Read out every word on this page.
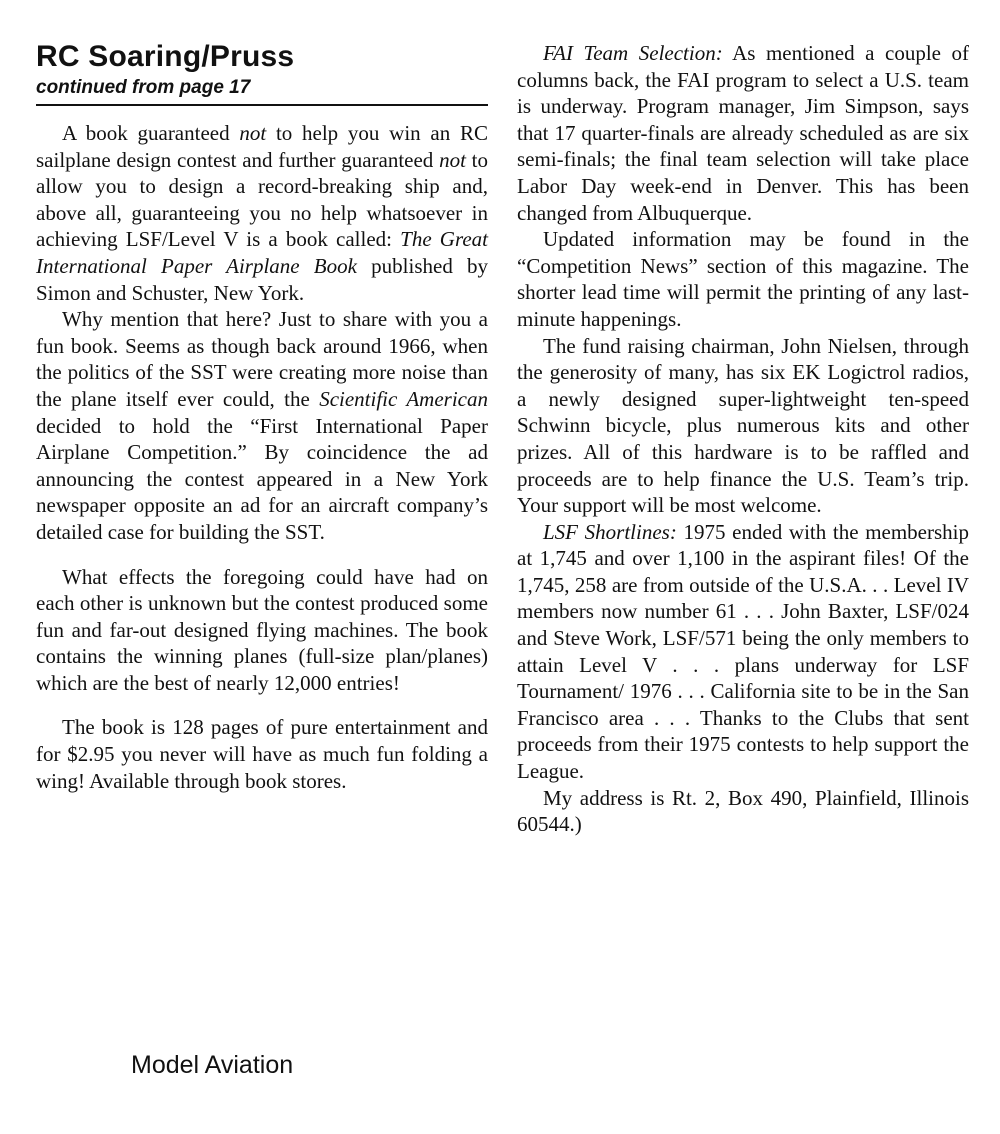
RC Soaring/Pruss
continued from page 17

A book guaranteed not to help you win an RC sailplane design contest and further guaranteed not to allow you to design a record-breaking ship and, above all, guaranteeing you no help whatsoever in achieving LSF/Level V is a book called: The Great International Paper Airplane Book published by Simon and Schuster, New York.

Why mention that here? Just to share with you a fun book. Seems as though back around 1966, when the politics of the SST were creating more noise than the plane itself ever could, the Scientific American decided to hold the “First International Paper Airplane Competition.” By coincidence the ad announcing the contest appeared in a New York newspaper opposite an ad for an aircraft company’s detailed case for building the SST.

What effects the foregoing could have had on each other is unknown but the contest produced some fun and far-out designed flying machines. The book contains the winning planes (full-size plan/planes) which are the best of nearly 12,000 entries!

The book is 128 pages of pure entertainment and for $2.95 you never will have as much fun folding a wing! Available through book stores.

Model Aviation

FAI Team Selection: As mentioned a couple of columns back, the FAI program to select a U.S. team is underway. Program manager, Jim Simpson, says that 17 quarter-finals are already scheduled as are six semi-finals; the final team selection will take place Labor Day week-end in Denver. This has been changed from Albuquerque.

Updated information may be found in the “Competition News” section of this magazine. The shorter lead time will permit the printing of any last-minute happenings.

The fund raising chairman, John Nielsen, through the generosity of many, has six EK Logictrol radios, a newly designed super-lightweight ten-speed Schwinn bicycle, plus numerous kits and other prizes. All of this hardware is to be raffled and proceeds are to help finance the U.S. Team’s trip. Your support will be most welcome.

LSF Shortlines: 1975 ended with the membership at 1,745 and over 1,100 in the aspirant files! Of the 1,745, 258 are from outside of the U.S.A. . . Level IV members now number 61 . . . John Baxter, LSF/024 and Steve Work, LSF/571 being the only members to attain Level V . . . plans underway for LSF Tournament/ 1976 . . . California site to be in the San Francisco area . . . Thanks to the Clubs that sent proceeds from their 1975 contests to help support the League.

My address is Rt. 2, Box 490, Plainfield, Illinois 60544.)
